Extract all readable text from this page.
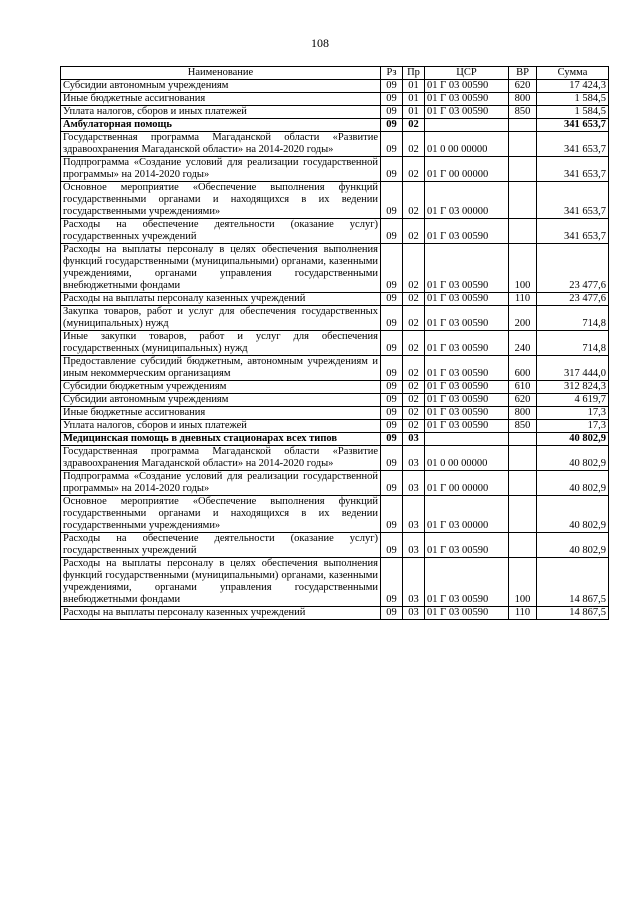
108
Наименование	Рз	Пр	ЦСР	ВР	Сумма
Субсидии автономным учреждениям	09	01	01 Г 03 00590	620	17 424,3
Иные бюджетные ассигнования	09	01	01 Г 03 00590	800	1 584,5
Уплата налогов, сборов и иных платежей	09	01	01 Г 03 00590	850	1 584,5
Амбулаторная помощь	09	02			341 653,7
Государственная программа Магаданской области «Развитие здравоохранения Магаданской области» на 2014-2020 годы»	09	02	01 0 00 00000		341 653,7
Подпрограмма «Создание условий для реализации государственной программы» на 2014-2020 годы»	09	02	01 Г 00 00000		341 653,7
Основное мероприятие «Обеспечение выполнения функций государственными органами и находящихся в их ведении государственными учреждениями»	09	02	01 Г 03 00000		341 653,7
Расходы на обеспечение деятельности (оказание услуг) государственных учреждений	09	02	01 Г 03 00590		341 653,7
Расходы на выплаты персоналу в целях обеспечения выполнения функций государственными (муниципальными) органами, казенными учреждениями, органами управления государственными внебюджетными фондами	09	02	01 Г 03 00590	100	23 477,6
Расходы на выплаты персоналу казенных учреждений	09	02	01 Г 03 00590	110	23 477,6
Закупка товаров, работ и услуг для обеспечения государственных (муниципальных) нужд	09	02	01 Г 03 00590	200	714,8
Иные закупки товаров, работ и услуг для обеспечения государственных (муниципальных) нужд	09	02	01 Г 03 00590	240	714,8
Предоставление субсидий бюджетным, автономным учреждениям и иным некоммерческим организациям	09	02	01 Г 03 00590	600	317 444,0
Субсидии бюджетным учреждениям	09	02	01 Г 03 00590	610	312 824,3
Субсидии автономным учреждениям	09	02	01 Г 03 00590	620	4 619,7
Иные бюджетные ассигнования	09	02	01 Г 03 00590	800	17,3
Уплата налогов, сборов и иных платежей	09	02	01 Г 03 00590	850	17,3
Медицинская помощь в дневных стационарах всех типов	09	03			40 802,9
Государственная программа Магаданской области «Развитие здравоохранения Магаданской области» на 2014-2020 годы»	09	03	01 0 00 00000		40 802,9
Подпрограмма «Создание условий для реализации государственной программы» на 2014-2020 годы»	09	03	01 Г 00 00000		40 802,9
Основное мероприятие «Обеспечение выполнения функций государственными органами и находящихся в их ведении государственными учреждениями»	09	03	01 Г 03 00000		40 802,9
Расходы на обеспечение деятельности (оказание услуг) государственных учреждений	09	03	01 Г 03 00590		40 802,9
Расходы на выплаты персоналу в целях обеспечения выполнения функций государственными (муниципальными) органами, казенными учреждениями, органами управления государственными внебюджетными фондами	09	03	01 Г 03 00590	100	14 867,5
Расходы на выплаты персоналу казенных учреждений	09	03	01 Г 03 00590	110	14 867,5
